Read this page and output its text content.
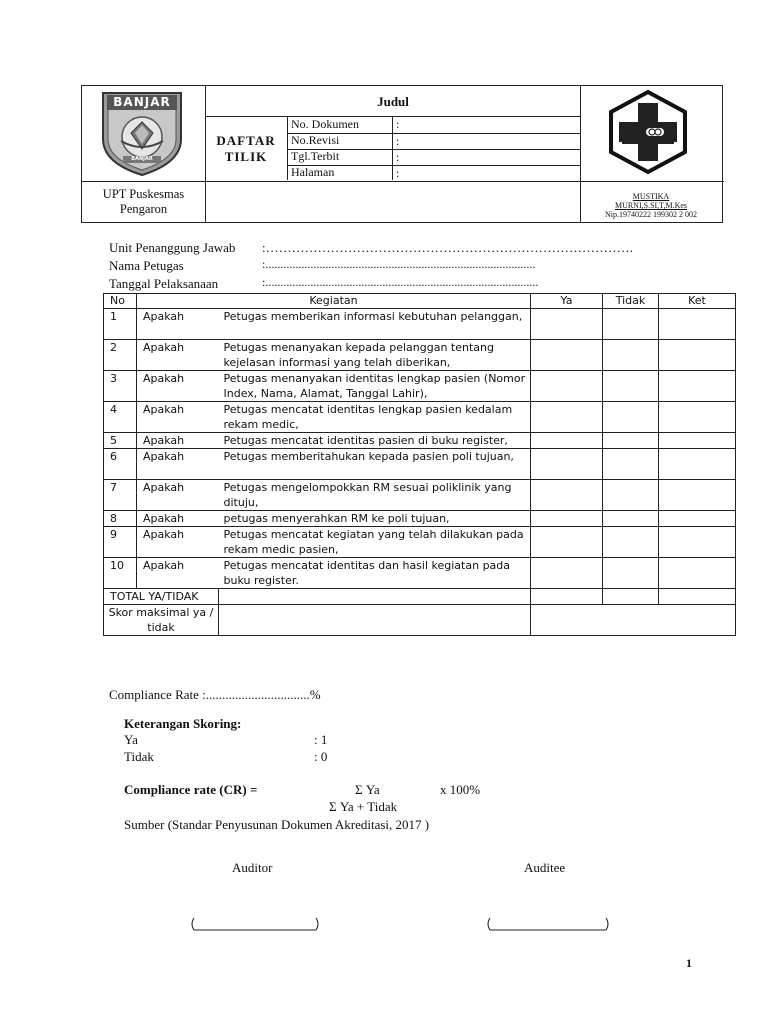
BANJAR
BANJAR
Judul
DAFTAR
TILIK
No. Dokumen	:
No.Revisi	:
Tgl.Terbit	:
Halaman	:
UPT Puskesmas
Pengaron
MUSTIKA
MURNI,S.SI,T,M.Kes
Nip.19740222 199302 2 002
Unit Penanggung Jawab :………………………………………………………………………….
Nama Petugas	:..........................................................................................
Tanggal Pelaksanaan	:...........................................................................................
No	Kegiatan		Ya	Tidak	Ket
1	Apakah	Petugas memberikan informasi kebutuhan pelanggan,			
2	Apakah	Petugas menanyakan kepada pelanggan tentang kejelasan informasi yang telah diberikan,			
3	Apakah	Petugas menanyakan identitas lengkap pasien (Nomor Index, Nama, Alamat, Tanggal Lahir),			
4	Apakah	Petugas mencatat identitas lengkap pasien kedalam rekam medic,			
5	Apakah	Petugas mencatat identitas pasien di buku register,			
6	Apakah	Petugas memberitahukan kepada pasien poli tujuan,			
7	Apakah	Petugas mengelompokkan RM sesuai poliklinik yang dituju,			
8	Apakah	petugas menyerahkan RM ke poli tujuan,			
9	Apakah	Petugas mencatat kegiatan yang telah dilakukan pada rekam medic pasien,			
10	Apakah	Petugas mencatat identitas dan hasil kegiatan pada buku register.			
TOTAL YA/TIDAK					
Skor maksimal ya / tidak					
Compliance Rate :................................%
Keterangan Skoring:
Ya	: 1
Tidak	: 0
Compliance rate (CR) =	Σ Ya	x 100%
Σ Ya + Tidak
Sumber (Standar Penyusunan Dokumen Akreditasi, 2017 )
Auditor	Auditee
1
